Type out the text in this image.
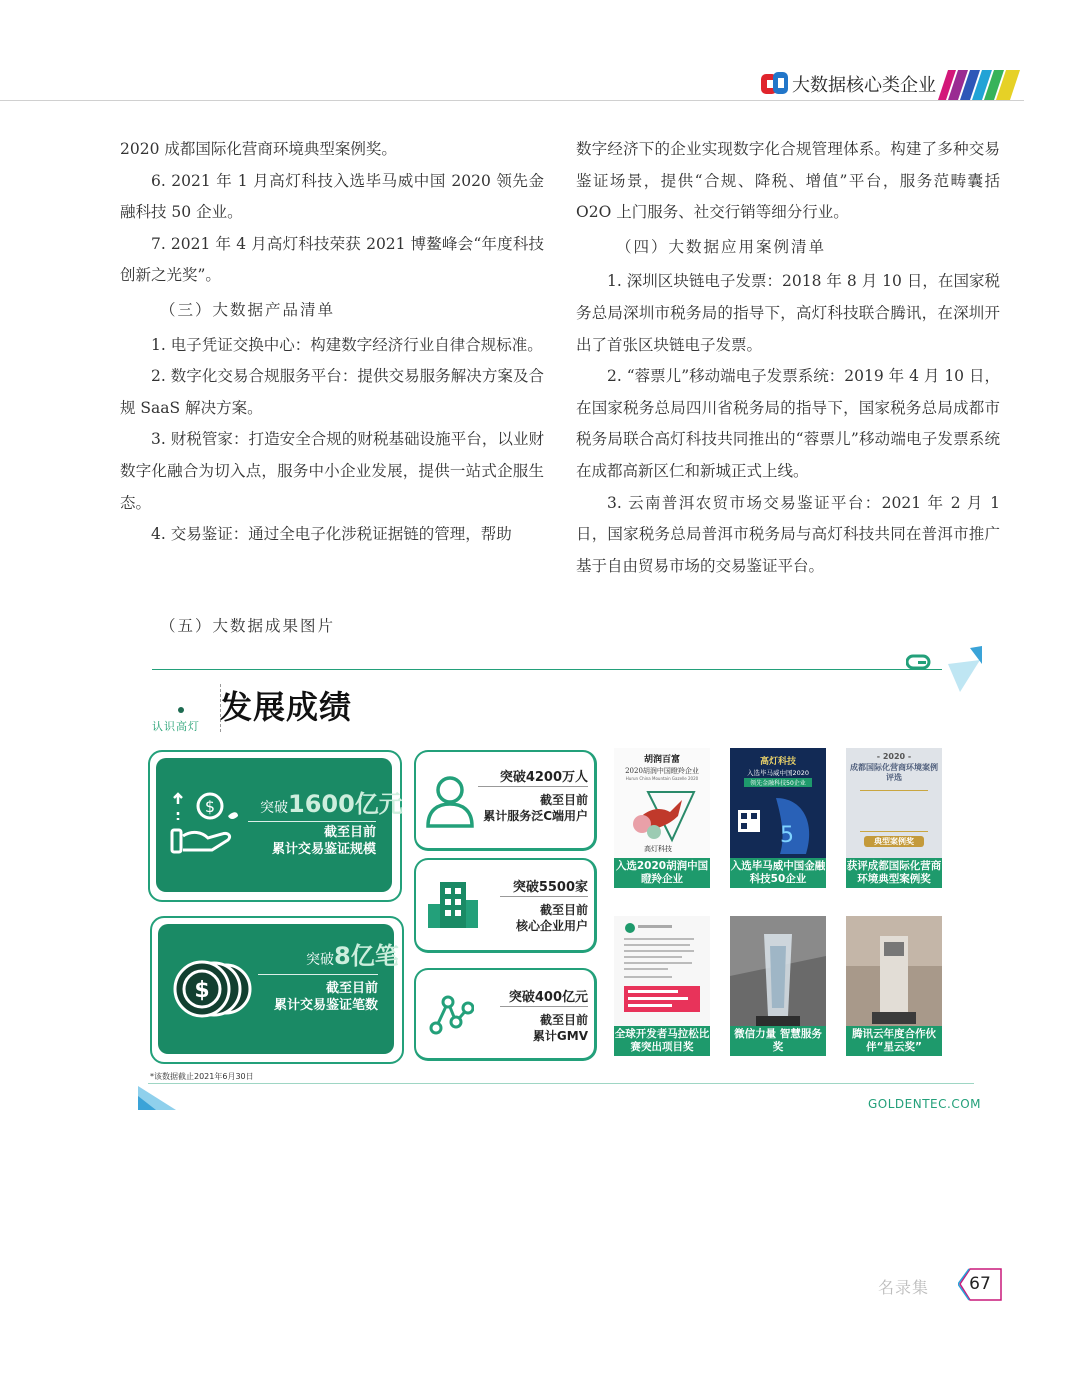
大数据核心类企业

2020 成都国际化营商环境典型案例奖。

6. 2021 年 1 月高灯科技入选毕马威中国 2020 领先金融科技 50 企业。

7. 2021 年 4 月高灯科技荣获 2021 博鳌峰会“年度科技创新之光奖”。

（三）大数据产品清单

1. 电子凭证交换中心：构建数字经济行业自律合规标准。

2. 数字化交易合规服务平台：提供交易服务解决方案及合规 SaaS 解决方案。

3. 财税管家：打造安全合规的财税基础设施平台，以业财数字化融合为切入点，服务中小企业发展，提供一站式企服生态。

4. 交易鉴证：通过全电子化涉税证据链的管理，帮助

数字经济下的企业实现数字化合规管理体系。构建了多种交易鉴证场景，提供“合规、降税、增值”平台，服务范畴囊括 O2O 上门服务、社交行销等细分行业。

（四）大数据应用案例清单

1. 深圳区块链电子发票：2018 年 8 月 10 日，在国家税务总局深圳市税务局的指导下，高灯科技联合腾讯，在深圳开出了首张区块链电子发票。

2. “蓉票儿”移动端电子发票系统：2019 年 4 月 10 日，在国家税务总局四川省税务局的指导下，国家税务总局成都市税务局联合高灯科技共同推出的“蓉票儿”移动端电子发票系统在成都高新区仁和新城正式上线。

3. 云南普洱农贸市场交易鉴证平台：2021 年 2 月 1 日，国家税务总局普洱市税务局与高灯科技共同在普洱市推广基于自由贸易市场的交易鉴证平台。

（五）大数据成果图片
发展成绩
认识高灯
$	突破1600亿元
截至目前
累计交易鉴证规模
$
突破8亿笔
截至目前
累计交易鉴证笔数
突破4200万人
截至目前
累计服务泛C端用户
突破5500家
截至目前
核心企业用户
突破400亿元
截至目前
累计GMV
胡润百富
2020胡润中国瞪羚企业
Hurun China Mountain Gazelle 2020
高灯科技
入选2020胡润中国瞪羚企业
高灯科技
入选毕马威中国2020
领先金融科技50企业
5
入选毕马威中国金融科技50企业
- 2020 -
成都国际化营商环境案例评选
典型案例奖
获评成都国际化营商环境典型案例奖
全球开发者马拉松比赛突出项目奖
微信力量 智慧服务奖
腾讯云年度合作伙伴“星云奖”
*该数据截止2021年6月30日
GOLDENTEC.COM
名录集	67
